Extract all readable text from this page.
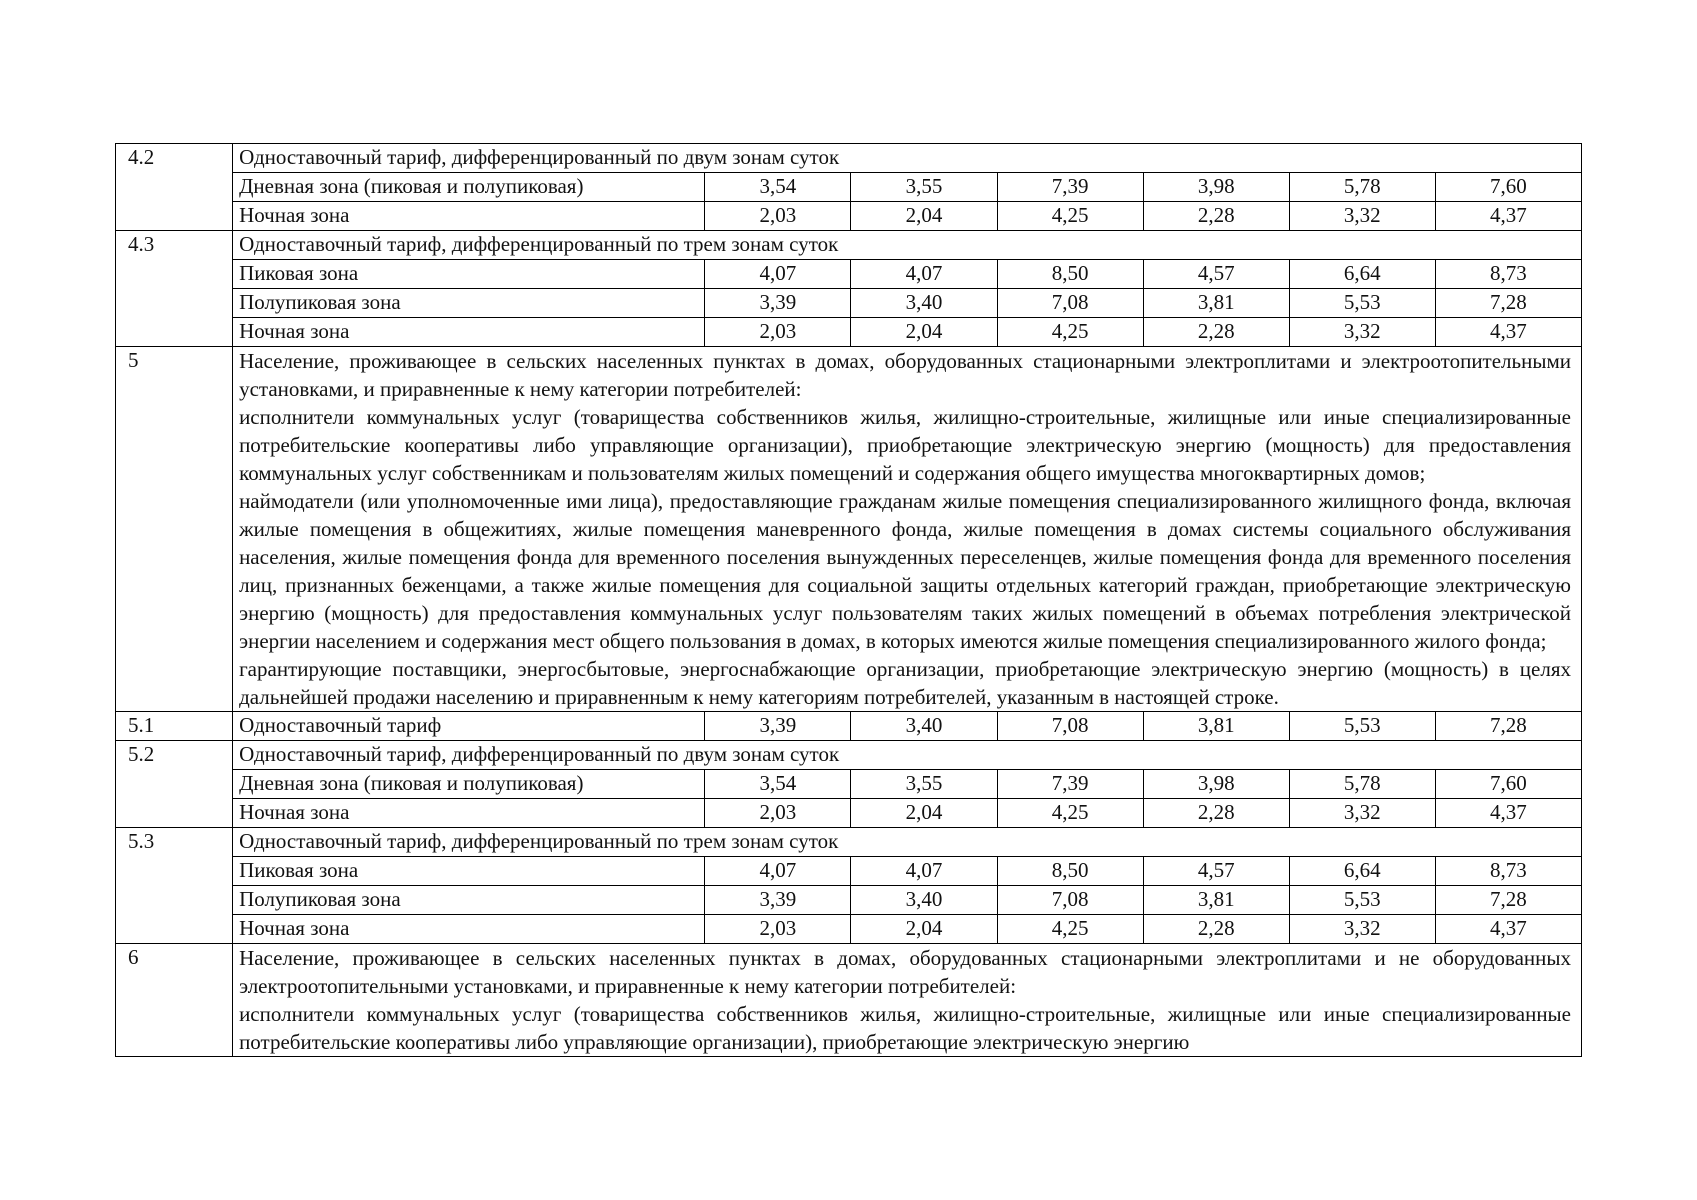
4.2	Одноставочный тариф, дифференцированный по двум зонам суток						
	Дневная зона (пиковая и полупиковая)	3,54	3,55	7,39	3,98	5,78	7,60
	Ночная зона	2,03	2,04	4,25	2,28	3,32	4,37
4.3	Одноставочный тариф, дифференцированный по трем зонам суток						
	Пиковая зона	4,07	4,07	8,50	4,57	6,64	8,73
	Полупиковая зона	3,39	3,40	7,08	3,81	5,53	7,28
	Ночная зона	2,03	2,04	4,25	2,28	3,32	4,37
5	Население, проживающее в сельских населенных пунктах в домах, оборудованных стационарными электроплитами и электроотопительными установками, и приравненные к нему категории потребителей:

исполнители коммунальных услуг (товарищества собственников жилья, жилищно-строительные, жилищные или иные специализированные потребительские кооперативы либо управляющие организации), приобретающие электрическую энергию (мощность) для предоставления коммунальных услуг собственникам и пользователям жилых помещений и содержания общего имущества многоквартирных домов;

наймодатели (или уполномоченные ими лица), предоставляющие гражданам жилые помещения специализированного жилищного фонда, включая жилые помещения в общежитиях, жилые помещения маневренного фонда, жилые помещения в домах системы социального обслуживания населения, жилые помещения фонда для временного поселения вынужденных переселенцев, жилые помещения фонда для временного поселения лиц, признанных беженцами, а также жилые помещения для социальной защиты отдельных категорий граждан, приобретающие электрическую энергию (мощность) для предоставления коммунальных услуг пользователям таких жилых помещений в объемах потребления электрической энергии населением и содержания мест общего пользования в домах, в которых имеются жилые помещения специализированного жилого фонда;

гарантирующие поставщики, энергосбытовые, энергоснабжающие организации, приобретающие электрическую энергию (мощность) в целях дальнейшей продажи населению и приравненным к нему категориям потребителей, указанным в настоящей строке.						

5.1	Одноставочный тариф	3,39	3,40	7,08	3,81	5,53	7,28
5.2	Одноставочный тариф, дифференцированный по двум зонам суток						
	Дневная зона (пиковая и полупиковая)	3,54	3,55	7,39	3,98	5,78	7,60
	Ночная зона	2,03	2,04	4,25	2,28	3,32	4,37
5.3	Одноставочный тариф, дифференцированный по трем зонам суток						
	Пиковая зона	4,07	4,07	8,50	4,57	6,64	8,73
	Полупиковая зона	3,39	3,40	7,08	3,81	5,53	7,28
	Ночная зона	2,03	2,04	4,25	2,28	3,32	4,37
6	Население, проживающее в сельских населенных пунктах в домах, оборудованных стационарными электроплитами и не оборудованных электроотопительными установками, и приравненные к нему категории потребителей:

исполнители коммунальных услуг (товарищества собственников жилья, жилищно-строительные, жилищные или иные специализированные потребительские кооперативы либо управляющие организации), приобретающие электрическую энергию						
